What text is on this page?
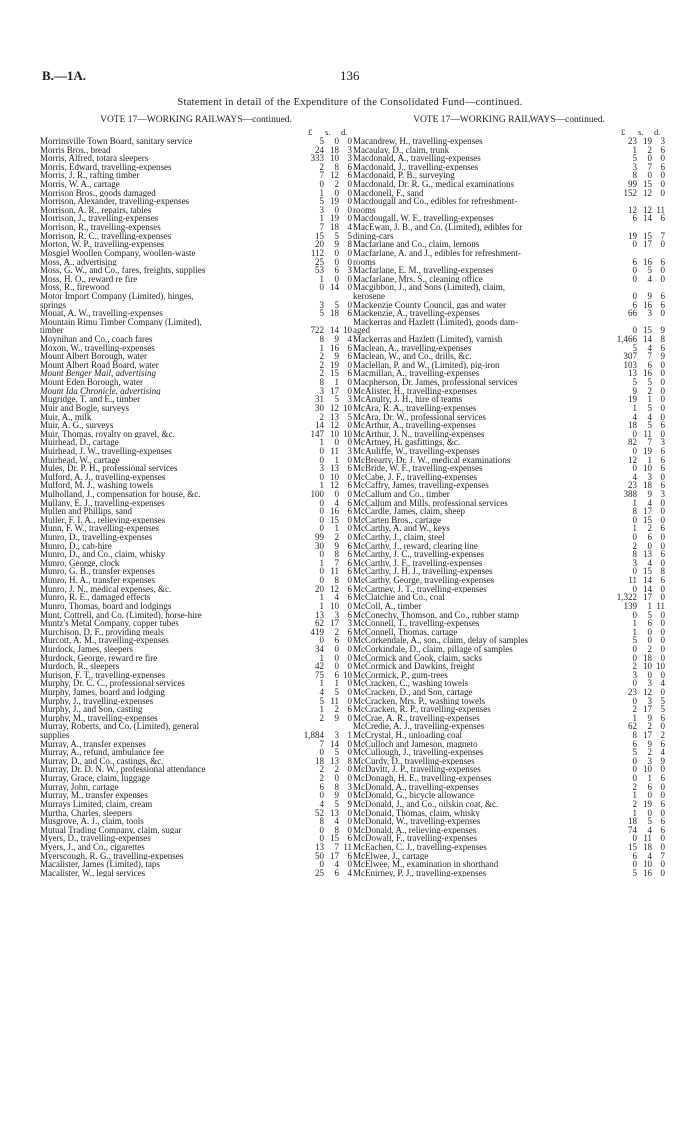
B.—1A.	136
Statement in detail of the Expenditure of the Consolidated Fund—continued.
VOTE 17—WORKING RAILWAYS—continued.
£ s. d.
Morrinsville Town Board, sanitary service	5	0 0
Morris Bros., bread	24 18 3
Morris, Alfred, totara sleepers	333 10 3
Morris, Edward, travelling-expenses	2	8 6
Morris, J. R., rafting timber	7 12 6
Morris, W. A., cartage	0	2 0
Morrison Bros., goods damaged	1	0 0
Morrison, Alexander, travelling-expenses	5 19 0
Morrison, A. R., repairs, tables	3	0 0
Morrison, J., travelling-expenses	1 19 0
Morrison, R., travelling-expenses	7 18 4
Morrison, R. C., travelling-expenses	15	5 5
Morton, W. P., travelling-expenses	20	9 8
Mosgiel Woollen Company, woollen-waste	112	0 0
Moss, A., advertising	25	0 0
Moss, G. W., and Co., fares, freights, supplies	53	6 3
Moss, H. O., reward re fire	1	0 0
Moss, R., firewood	0 14 0
Motor Import Company (Limited), hinges,
springs	3	5 0
Mouat, A. W., travelling-expenses	5 18 6
Mountain Rimu Timber Company (Limited),
timber	722 14 10
Moynihan and Co., coach fares	8	9 4
Moxon, W., travelling-expenses	1 16 6
Mount Albert Borough, water	2	9 6
Mount Albert Road Board, water	2 19 0
Mount Benger Mail, advertising	2 15 6
Mount Eden Borough, water	8	1 0
Mount Ida Chronicle, advertising	3 17 0
Mugridge, T. and E., timber	31	5 3
Muir and Bogle, surveys	30 12 10
Muir, A., milk	2 13 5
Muir, A. G., surveys	14 12 0
Muir, Thomas, royalty on gravel, &c.	147 10 10
Muirhead, D., cartage	1	0 0
Muirhead, J. W., travelling-expenses	0 11 3
Muirhead, W., cartage	0	1 0
Mules, Dr. P. H., professional services	3 13 6
Mulford, A. J., travelling-expenses	0 10 0
Mulford, M. J., washing towels	1 12 6
Mulholland, J., compensation for house, &c.	100	0 0
Mullany, E. J., travelling-expenses	0	4 6
Mullen and Phillips, sand	0 16 6
Muller, F. I. A., relieving-expenses	0 15 0
Munn, F. W., travelling-expenses	0	1 0
Munro, D., travelling-expenses	99	2 0
Munro, D., cab-hire	30	9 6
Munro, D., and Co., claim, whisky	0	8 6
Munro, George, clock	1	7 6
Munro, G. B., transfer expenses	0 11 6
Munro, H. A., transfer expenses	0	8 0
Munro, J. N., medical expenses, &c.	20 12 6
Munro, R. E., damaged effects	1	4 6
Munro, Thomas, board and lodgings	1 10 0
Munt, Cottrell, and Co. (Limited), horse-hire	13	3 6
Muntz's Metal Company, copper tubes	62 17 3
Murchison, D. F., providing meals	419	2 6
Murcott, A. M., travelling-expenses	0	6 0
Murdock, James, sleepers	34	0 0
Murdock, George, reward re fire	1	0 0
Murdoch, R., sleepers	42	0 0
Murison, F. T., travelling-expenses	75	6 10
Murphy, Dr. C. C., professional services	1	1 0
Murphy, James, board and lodging	4	5 0
Murphy, J., travelling-expenses	5 11 0
Murphy, J., and Son, casting	1	2 6
Murphy, M., travelling-expenses	2	9 0
Murray, Roberts, and Co. (Limited), general
supplies	1,884	3 1
Murray, A., transfer expenses	7 14 0
Murray, A., refund, ambulance fee	0	5 0
Murray, D., and Co., castings, &c.	18 13 8
Murray, Dr. D. N. W., professional attendance	2	2 0
Murray, Grace, claim, luggage	2	0 0
Murray, John, cartage	6	8 3
Murray, M., transfer expenses	0	9 0
Murrays Limited, claim, cream	4	5 9
Murtha, Charles, sleepers	52 13 0
Musgrove, A. J., claim, tools	8	4 0
Mutual Trading Company, claim, sugar	0	8 0
Myers, D., travelling-expenses	0 15 6
Myers, J., and Co., cigarettes	13	7 11
Myerscough, R. G., travelling-expenses	50 17 6
Macalister, James (Limited), taps	0	4 0
Macalister, W., legal services	25	6 4
VOTE 17—WORKING RAILWAYS—continued.
£ s. d.
Macandrew, H., travelling-expenses	23 19 3
Macaulay, D., claim, trunk	1	2 6
Macdonald, A., travelling-expenses	5	0 0
Macdonald, J., travelling-expenses	3	7 6
Macdonald, P. B., surveying	8	0 0
Macdonald, Dr. R. G., medical examinations	99 15 0
Macdonell, F., sand	152 12 0
Macdougall and Co., edibles for refreshment-
rooms	12 12 11
Macdougall, W. F., travelling-expenses	6 14 6
MacEwan, J. B., and Co. (Limited), edibles for
dining-cars	19 15 7
Macfarlane and Co., claim, lemons	0 17 0
Macfarlane, A. and J., edibles for refreshment-
rooms	6 16 6
Macfarlane, E. M., travelling-expenses	0	5 0
Macfarlane, Mrs. S., cleaning office	0	4 0
Macgibbon, J., and Sons (Limited), claim,
kerosene	0	9 6
Mackenzie County Council, gas and water	6 16 6
Mackenzie, A., travelling-expenses	66	3 0
Mackerras and Hazlett (Limited), goods dam-
aged	0 15 9
Mackerras and Hazlett (Limited), varnish	1,466 14 8
Maclean, A., travelling-expenses	5	4 6
Maclean, W., and Co., drills, &c.	307	7 9
Maclellan, P. and W., (Limited), pig-iron	103	6 0
Macmillan, A., travelling-expenses	13 16 0
Macpherson, Dr. James, professional services	5	5 0
McAlister, H., travelling-expenses	9	2 0
McAnulty, J. H., hire of teams	19	1 0
McAra, R. A., travelling-expenses	1	5 0
McAra, Dr. W., professional services	4	4 0
McArthur, A., travelling-expenses	18	5 6
McArthur, J. N., travelling-expenses	0 11 0
McArtney, H. gasfittings, &c.	82	7 3
McAuliffe, W., travelling-expenses	0 19 6
McBrearty, Dr. J. W., medical examinations	12	1 6
McBride, W. F., travelling-expenses	0 10 6
McCabe, J. F., travelling-expenses	4	3 0
McCaffry, James, travelling-expenses	23 18 6
McCallum and Co., timber	388	9 3
McCallum and Mills, professional services	1	4 0
McCardle, James, claim, sheep	8 17 0
McCarten Bros., cartage	0 15 0
McCarthy, A. and W., keys	1	2 6
McCarthy, J., claim, steel	0	6 0
McCarthy, J., reward, clearing line	2	0 0
McCarthy, J. C., travelling-expenses	8 13 6
McCarthy, J. F., travelling-expenses	3	4 0
McCarthy, J. H. J., travelling-expenses	0 15 8
McCarthy, George, travelling-expenses	11 14 6
McCartney, J. T., travelling-expenses	0 14 0
McClatchie and Co., coal	1,322 17 0
McColl, A., timber	139	1 11
McConechy, Thomson, and Co., rubber stamp	0	5 0
McConnell, T., travelling-expenses	1	6 0
McConnell, Thomas, cartage	1	0 0
McCorkendale, A., son., claim, delay of samples	5	0 0
McCorkindale, D., claim, pillage of samples	0	2 0
McCormick and Cook, claim, sacks	0 18 0
McCormick and Dawkins, freight	2 10 10
McCormick, P., gum-trees	3	0 0
McCracken, C., washing towels	0	3 4
McCracken, D., and Son, cartage	23 12 0
McCracken, Mrs. P., washing towels	0	3 5
McCracken, R. P., travelling-expenses	2 17 5
McCrae, A. R., travelling-expenses	1	9 6
McCredie, A. J., travelling-expenses	62	2 0
McCrystal, H., unloading coal	8 17 2
McCulloch and Jameson, magneto	6	9 6
McCullough, J., travelling-expenses	5	2 4
McCurdy, D., travelling-expenses	0	3 9
McDavitt, J. P., travelling-expenses	0 10 0
McDonagh, H. E., travelling-expenses	0	1 6
McDonald, A., travelling-expenses	2	6 0
McDonald, G., bicycle allowance	1	0 0
McDonald, J., and Co., oilskin coat, &c.	2 19 6
McDonald, Thomas, claim, whisky	1	0 0
McDonald, W., travelling-expenses	18	5 6
McDonald, A., relieving-expenses	74	4 6
McDowall, F., travelling-expenses	0 11 0
McEachen, C. J., travelling-expenses	15 18 0
McElwee, J., cartage	6	4 7
McElwee, M., examination in shorthand	0 10 0
McEnirney, P. J., travelling-expenses	5 16 0
